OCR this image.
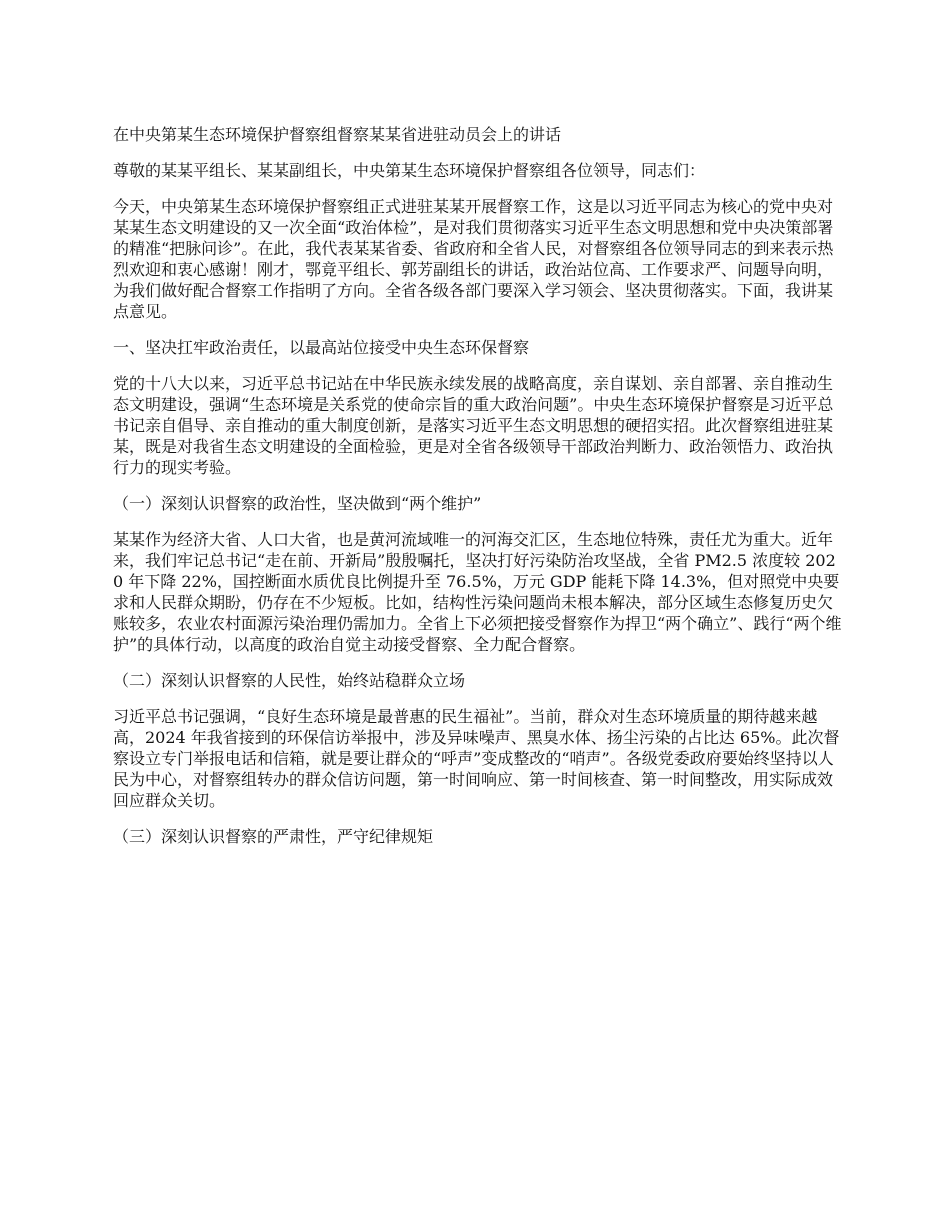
在中央第某生态环境保护督察组督察某某省进驻动员会上的讲话

尊敬的某某平组长、某某副组长，中央第某生态环境保护督察组各位领导，同志们：

今天，中央第某生态环境保护督察组正式进驻某某开展督察工作，这是以习近平同志为核心的党中央对某某生态文明建设的又一次全面“政治体检”，是对我们贯彻落实习近平生态文明思想和党中央决策部署的精准“把脉问诊”。在此，我代表某某省委、省政府和全省人民，对督察组各位领导同志的到来表示热烈欢迎和衷心感谢！刚才，鄂竟平组长、郭芳副组长的讲话，政治站位高、工作要求严、问题导向明，为我们做好配合督察工作指明了方向。全省各级各部门要深入学习领会、坚决贯彻落实。下面，我讲某点意见。

一、坚决扛牢政治责任，以最高站位接受中央生态环保督察

党的十八大以来，习近平总书记站在中华民族永续发展的战略高度，亲自谋划、亲自部署、亲自推动生态文明建设，强调“生态环境是关系党的使命宗旨的重大政治问题”。中央生态环境保护督察是习近平总书记亲自倡导、亲自推动的重大制度创新，是落实习近平生态文明思想的硬招实招。此次督察组进驻某某，既是对我省生态文明建设的全面检验，更是对全省各级领导干部政治判断力、政治领悟力、政治执行力的现实考验。

（一）深刻认识督察的政治性，坚决做到“两个维护”

某某作为经济大省、人口大省，也是黄河流域唯一的河海交汇区，生态地位特殊，责任尤为重大。近年来，我们牢记总书记“走在前、开新局”殷殷嘱托，坚决打好污染防治攻坚战，全省 PM2.5 浓度较 2020 年下降 22%，国控断面水质优良比例提升至 76.5%，万元 GDP 能耗下降 14.3%，但对照党中央要求和人民群众期盼，仍存在不少短板。比如，结构性污染问题尚未根本解决，部分区域生态修复历史欠账较多，农业农村面源污染治理仍需加力。全省上下必须把接受督察作为捍卫“两个确立”、践行“两个维护”的具体行动，以高度的政治自觉主动接受督察、全力配合督察。

（二）深刻认识督察的人民性，始终站稳群众立场

习近平总书记强调，“良好生态环境是最普惠的民生福祉”。当前，群众对生态环境质量的期待越来越高，2024 年我省接到的环保信访举报中，涉及异味噪声、黑臭水体、扬尘污染的占比达 65%。此次督察设立专门举报电话和信箱，就是要让群众的“呼声”变成整改的“哨声”。各级党委政府要始终坚持以人民为中心，对督察组转办的群众信访问题，第一时间响应、第一时间核查、第一时间整改，用实际成效回应群众关切。

（三）深刻认识督察的严肃性，严守纪律规矩
